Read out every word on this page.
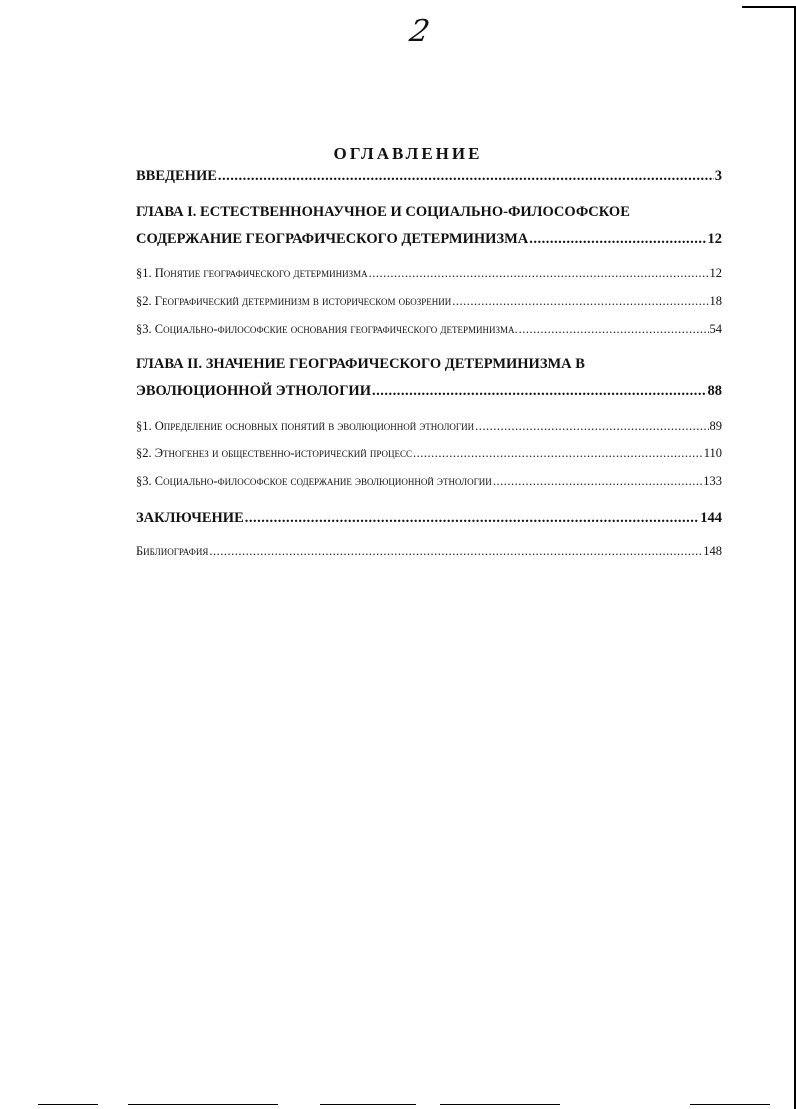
2
ОГЛАВЛЕНИЕ
ВВЕДЕНИЕ .....	3
ГЛАВА I. ЕСТЕСТВЕННОНАУЧНОЕ И СОЦИАЛЬНО-ФИЛОСОФСКОЕ
СОДЕРЖАНИЕ ГЕОГРАФИЧЕСКОГО ДЕТЕРМИНИЗМА .....	12
§1. Понятие географического детерминизма .....	12
§2. Географический детерминизм в историческом обозрении .....	18
§3. Социально-философские основания географического детерминизма. .....	54
ГЛАВА II. ЗНАЧЕНИЕ ГЕОГРАФИЧЕСКОГО ДЕТЕРМИНИЗМА В
ЭВОЛЮЦИОННОЙ ЭТНОЛОГИИ .....	88
§1. Определение основных понятий в эволюционной этнологии .....	89
§2. Этногенез и общественно-исторический процесс .....	110
§3. Социально-философское содержание эволюционной этнологии .....	133
ЗАКЛЮЧЕНИЕ .....	144
Библиография .....	148
